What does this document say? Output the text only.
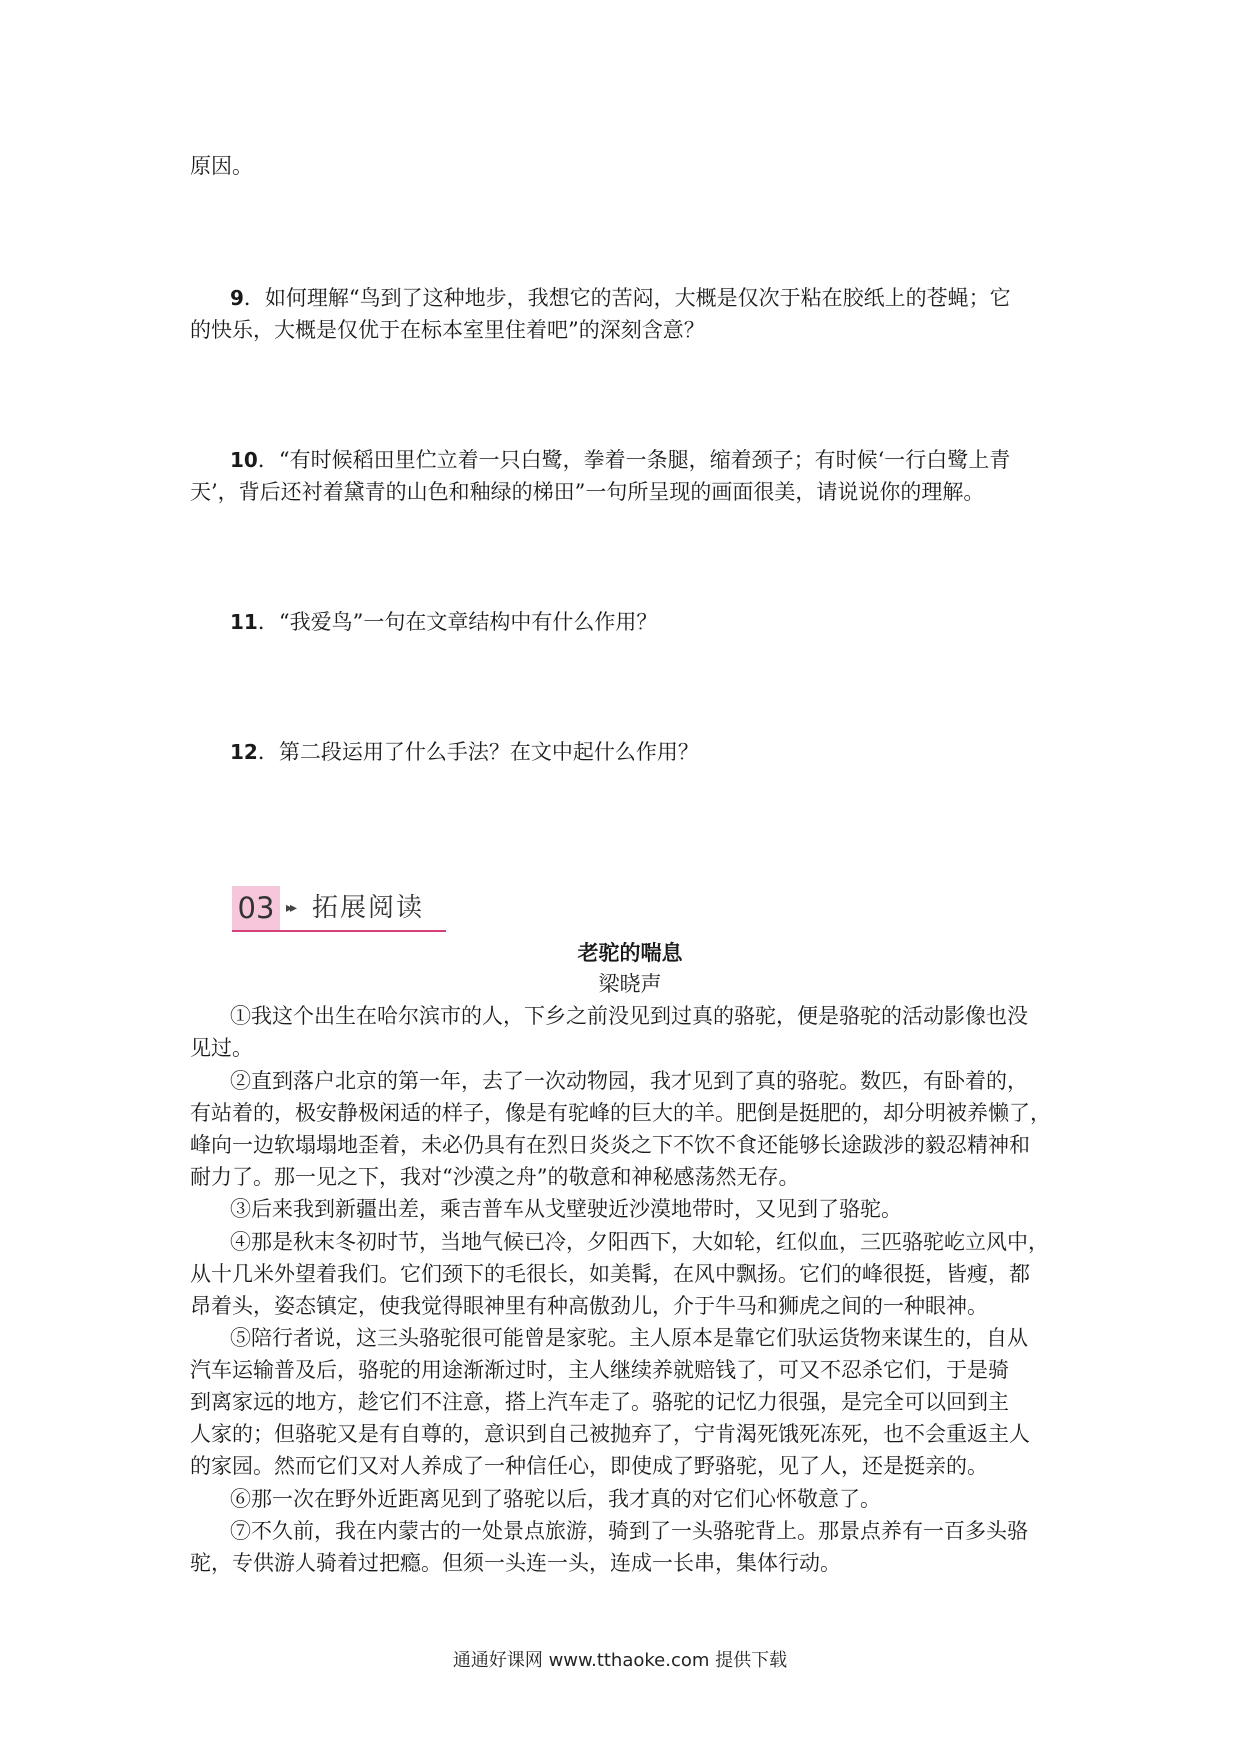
原因。
9．如何理解“鸟到了这种地步，我想它的苦闷，大概是仅次于粘在胶纸上的苍蝇；它
的快乐，大概是仅优于在标本室里住着吧”的深刻含意？
10．“有时候稻田里伫立着一只白鹭，拳着一条腿，缩着颈子；有时候‘一行白鹭上青
天’，背后还衬着黛青的山色和釉绿的梯田”一句所呈现的画面很美，请说说你的理解。
11．“我爱鸟”一句在文章结构中有什么作用？
12．第二段运用了什么手法？在文中起什么作用？
03 ▸▸ 拓展阅读
老驼的喘息
梁晓声
①我这个出生在哈尔滨市的人，下乡之前没见到过真的骆驼，便是骆驼的活动影像也没
见过。
②直到落户北京的第一年，去了一次动物园，我才见到了真的骆驼。数匹，有卧着的，
有站着的，极安静极闲适的样子，像是有驼峰的巨大的羊。肥倒是挺肥的，却分明被养懒了，
峰向一边软塌塌地歪着，未必仍具有在烈日炎炎之下不饮不食还能够长途跋涉的毅忍精神和
耐力了。那一见之下，我对“沙漠之舟”的敬意和神秘感荡然无存。
③后来我到新疆出差，乘吉普车从戈壁驶近沙漠地带时，又见到了骆驼。
④那是秋末冬初时节，当地气候已冷，夕阳西下，大如轮，红似血，三匹骆驼屹立风中，
从十几米外望着我们。它们颈下的毛很长，如美髯，在风中飘扬。它们的峰很挺，皆瘦，都
昂着头，姿态镇定，使我觉得眼神里有种高傲劲儿，介于牛马和狮虎之间的一种眼神。
⑤陪行者说，这三头骆驼很可能曾是家驼。主人原本是靠它们驮运货物来谋生的，自从
汽车运输普及后，骆驼的用途渐渐过时，主人继续养就赔钱了，可又不忍杀它们，于是骑
到离家远的地方，趁它们不注意，搭上汽车走了。骆驼的记忆力很强，是完全可以回到主
人家的；但骆驼又是有自尊的，意识到自己被抛弃了，宁肯渴死饿死冻死，也不会重返主人
的家园。然而它们又对人养成了一种信任心，即使成了野骆驼，见了人，还是挺亲的。
⑥那一次在野外近距离见到了骆驼以后，我才真的对它们心怀敬意了。
⑦不久前，我在内蒙古的一处景点旅游，骑到了一头骆驼背上。那景点养有一百多头骆
驼，专供游人骑着过把瘾。但须一头连一头，连成一长串，集体行动。
通通好课网 www.tthaoke.com 提供下载
